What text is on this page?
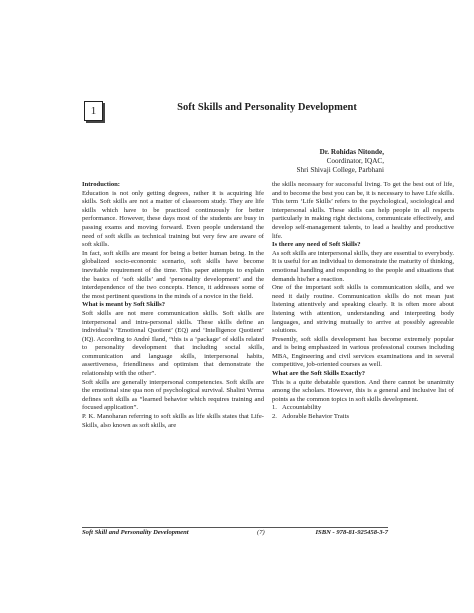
1	Soft Skills and Personality Development
Dr. Rohidas Nitonde,
Coordinator, IQAC,
Shri Shivaji College, Parbhani

Introduction:

Education is not only getting degrees, rather it is acquiring life skills. Soft skills are not a matter of classroom study. They are life skills which have to be practiced continuously for better performance. However, these days most of the students are busy in passing exams and moving forward. Even people understand the need of soft skills as technical training but very few are aware of soft skills.

In fact, soft skills are meant for being a better human being. In the globalized socio-economic scenario, soft skills have become inevitable requirement of the time. This paper attempts to explain the basics of ‘soft skills’ and ‘personality development’ and the interdependence of the two concepts. Hence, it addresses some of the most pertinent questions in the minds of a novice in the field.

What is meant by Soft Skills?

Soft skills are not mere communication skills. Soft skills are interpersonal and intra-personal skills. These skills define an individual’s ‘Emotional Quotient’ (EQ) and ‘Intelligence Quotient’ (IQ). According to André Iland, “this is a ‘package’ of skills related to personality development that including social skills, communication and language skills, interpersonal habits, assertiveness, friendliness and optimism that demonstrate the relationship with the other”.

Soft skills are generally interpersonal competencies. Soft skills are the emotional sine qua non of psychological survival. Shalini Verma defines soft skills as “learned behavior which requires training and focused application”.

P. K. Manoharan referring to soft skills as life skills states that Life-Skills, also known as soft skills, are

the skills necessary for successful living. To get the best out of life, and to become the best you can be, it is necessary to have Life skills. This term ‘Life Skills’ refers to the psychological, sociological and interpersonal skills. These skills can help people in all respects particularly in making right decisions, communicate effectively, and develop self-management talents, to lead a healthy and productive life.

Is there any need of Soft Skills?

As soft skills are interpersonal skills, they are essential to everybody. It is useful for an individual to demonstrate the maturity of thinking, emotional handling and responding to the people and situations that demands his/her a reaction.

One of the important soft skills is communication skills, and we need it daily routine. Communication skills do not mean just listening attentively and speaking clearly. It is often more about listening with attention, understanding and interpreting body languages, and striving mutually to arrive at possibly agreeable solutions.

Presently, soft skills development has become extremely popular and is being emphasized in various professional courses including MBA, Engineering and civil services examinations and in several competitive, job-oriented courses as well.

What are the Soft Skills Exactly?

This is a quite debatable question. And there cannot be unanimity among the scholars. However, this is a general and inclusive list of points as the common topics in soft skills development.

1. Accountability

2. Adorable Behavior Traits

Soft Skill and Personality Development	(7)	ISBN - 978-81-925458-3-7
